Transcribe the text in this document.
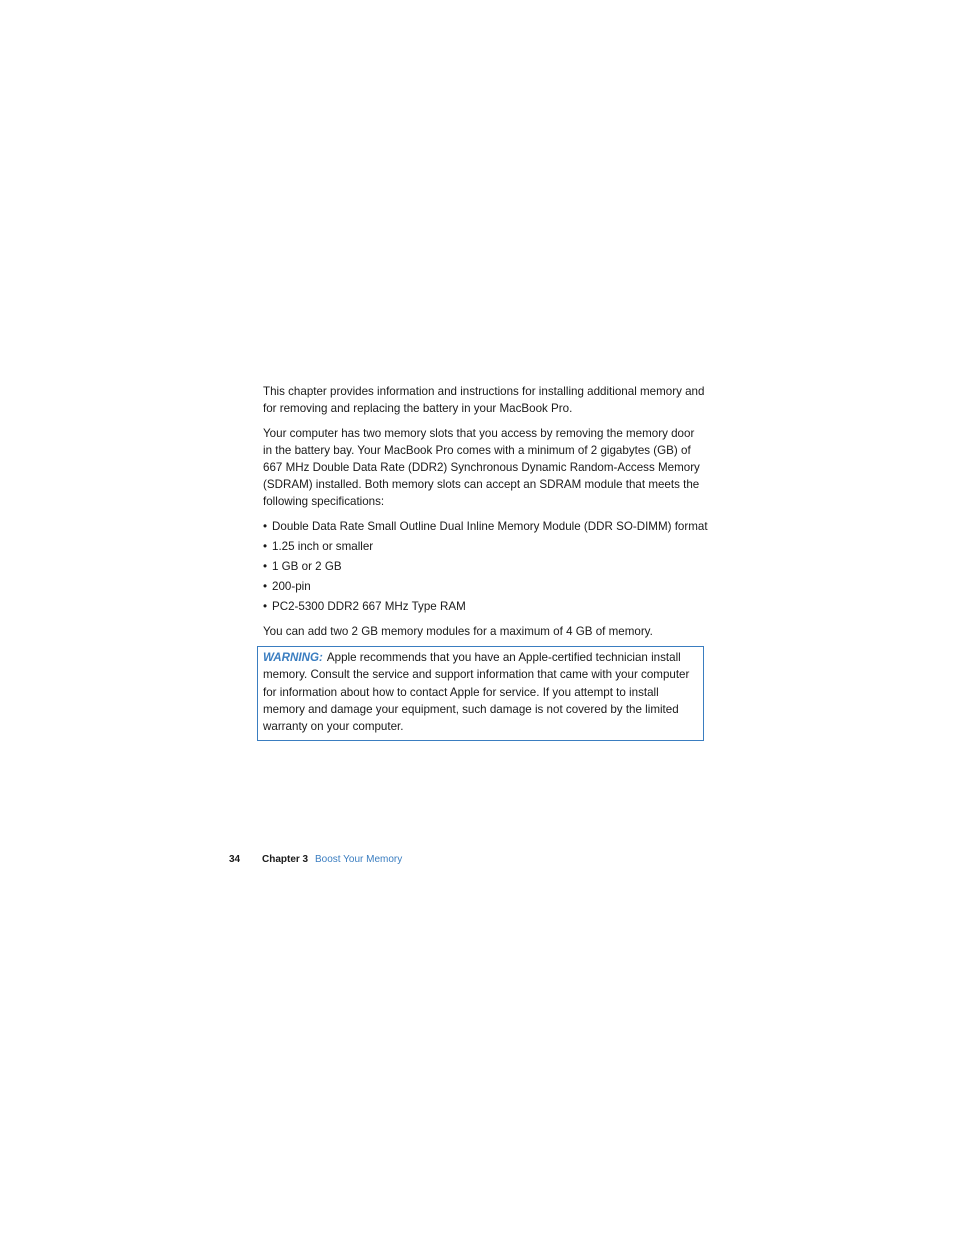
This chapter provides information and instructions for installing additional memory and for removing and replacing the battery in your MacBook Pro.

Your computer has two memory slots that you access by removing the memory door in the battery bay. Your MacBook Pro comes with a minimum of 2 gigabytes (GB) of 667 MHz Double Data Rate (DDR2) Synchronous Dynamic Random-Access Memory (SDRAM) installed. Both memory slots can accept an SDRAM module that meets the following specifications:

• Double Data Rate Small Outline Dual Inline Memory Module (DDR SO-DIMM) format
• 1.25 inch or smaller
• 1 GB or 2 GB
• 200-pin
• PC2-5300 DDR2 667 MHz Type RAM

You can add two 2 GB memory modules for a maximum of 4 GB of memory.

WARNING: Apple recommends that you have an Apple-certified technician install memory. Consult the service and support information that came with your computer for information about how to contact Apple for service. If you attempt to install memory and damage your equipment, such damage is not covered by the limited warranty on your computer.
34 Chapter 3 Boost Your Memory
